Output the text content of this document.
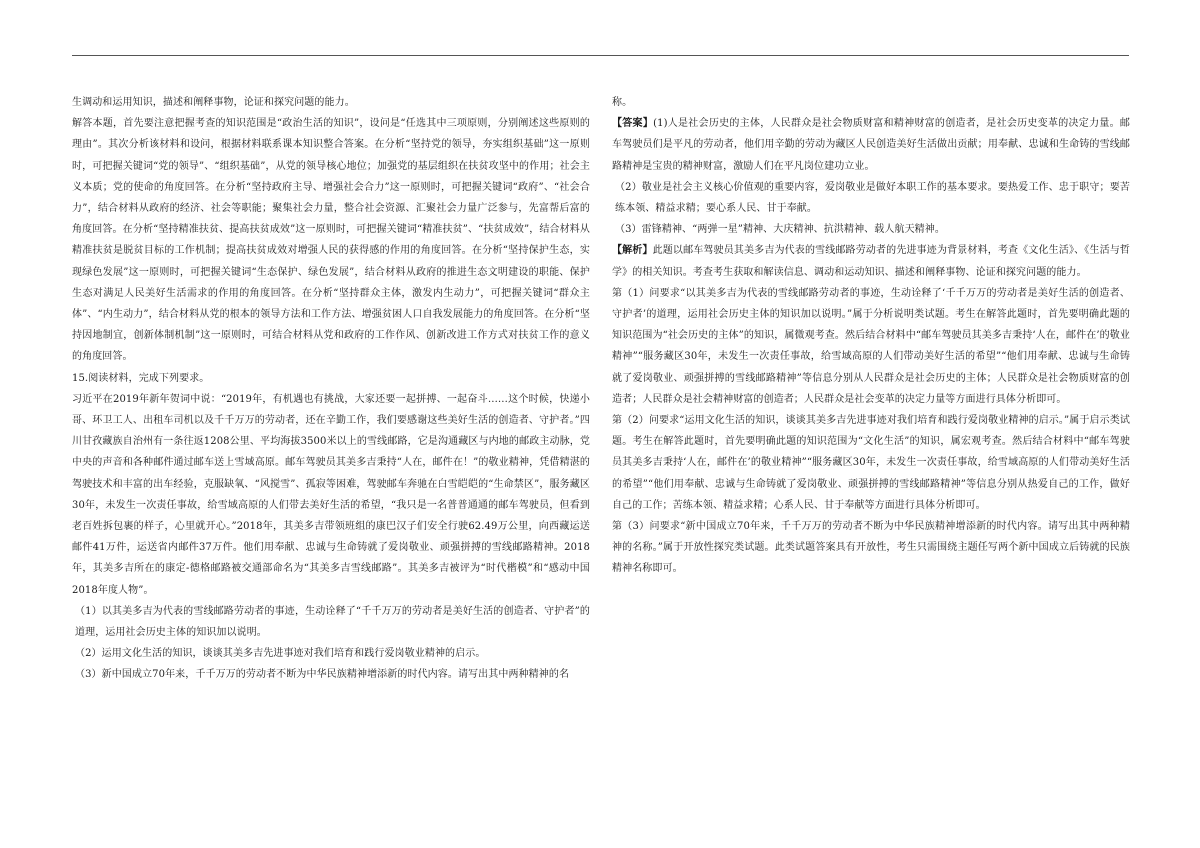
生调动和运用知识，描述和阐释事物，论证和探究问题的能力。

解答本题，首先要注意把握考查的知识范围是“政治生活的知识”，设问是“任选其中三项原则，分别阐述这些原则的理由”。其次分析该材料和设问，根据材料联系课本知识整合答案。在分析“坚持党的领导，夯实组织基础”这一原则时，可把握关键词“党的领导”、“组织基础”，从党的领导核心地位；加强党的基层组织在扶贫攻坚中的作用；社会主义本质；党的使命的角度回答。在分析“坚持政府主导、增强社会合力”这一原则时，可把握关键词“政府”、“社会合力”，结合材料从政府的经济、社会等职能；聚集社会力量，整合社会资源、汇聚社会力量广泛参与，先富帮后富的角度回答。在分析“坚持精准扶贫、提高扶贫成效”这一原则时，可把握关键词“精准扶贫”、“扶贫成效”，结合材料从精准扶贫是脱贫目标的工作机制；提高扶贫成效对增强人民的获得感的作用的角度回答。在分析“坚持保护生态，实现绿色发展”这一原则时，可把握关键词“生态保护、绿色发展”，结合材料从政府的推进生态文明建设的职能、保护生态对满足人民美好生活需求的作用的角度回答。在分析“坚持群众主体，激发内生动力”，可把握关键词“群众主体”、“内生动力”，结合材料从党的根本的领导方法和工作方法、增强贫困人口自我发展能力的角度回答。在分析“坚持因地制宜，创新体制机制”这一原则时，可结合材料从党和政府的工作作风、创新改进工作方式对扶贫工作的意义的角度回答。

15.阅读材料，完成下列要求。

习近平在2019年新年贺词中说：“2019年，有机遇也有挑战，大家还要一起拼搏、一起奋斗……这个时候，快递小哥、环卫工人、出租车司机以及千千万万的劳动者，还在辛勤工作，我们要感谢这些美好生活的创造者、守护者。”四川甘孜藏族自治州有一条往返1208公里、平均海拔3500米以上的雪线邮路，它是沟通藏区与内地的邮政主动脉，党中央的声音和各种邮件通过邮车送上雪域高原。邮车驾驶员其美多吉秉持“人在，邮件在！”的敬业精神，凭借精湛的驾驶技术和丰富的出车经验，克服缺氧、“风搅雪”、孤寂等困难，驾驶邮车奔驰在白雪皑皑的“生命禁区”，服务藏区30年，未发生一次责任事故，给雪域高原的人们带去美好生活的希望，“我只是一名普普通通的邮车驾驶员，但看到老百姓拆包裹的样子，心里就开心。”2018年，其美多吉带领班组的康巴汉子们安全行驶62.49万公里，向西藏运送邮件41万件，运送省内邮件37万件。他们用奉献、忠诚与生命铸就了爱岗敬业、顽强拼搏的雪线邮路精神。2018年，其美多吉所在的康定-德格邮路被交通部命名为“其美多吉雪线邮路”。其美多吉被评为“时代楷模”和“感动中国2018年度人物”。

（1）以其美多吉为代表的雪线邮路劳动者的事迹，生动诠释了“千千万万的劳动者是美好生活的创造者、守护者”的道理，运用社会历史主体的知识加以说明。

（2）运用文化生活的知识，谈谈其美多吉先进事迹对我们培育和践行爱岗敬业精神的启示。

（3）新中国成立70年来，千千万万的劳动者不断为中华民族精神增添新的时代内容。请写出其中两种精神的名

称。

【答案】(1)人是社会历史的主体，人民群众是社会物质财富和精神财富的创造者，是社会历史变革的决定力量。邮车驾驶员们是平凡的劳动者，他们用辛勤的劳动为藏区人民创造美好生活做出贡献；用奉献、忠诚和生命铸的雪线邮路精神是宝贵的精神财富，激励人们在平凡岗位建功立业。

（2）敬业是社会主义核心价值观的重要内容，爱岗敬业是做好本职工作的基本要求。要热爱工作、忠于职守；要苦练本领、精益求精；要心系人民、甘于奉献。

（3）雷锋精神、“两弹一星”精神、大庆精神、抗洪精神、载人航天精神。

【解析】此题以邮车驾驶员其美多吉为代表的雪线邮路劳动者的先进事迹为背景材料，考查《文化生活》、《生活与哲学》的相关知识。考查考生获取和解读信息、调动和运动知识、描述和阐释事物、论证和探究问题的能力。

第（1）问要求“以其美多吉为代表的雪线邮路劳动者的事迹，生动诠释了‘千千万万的劳动者是美好生活的创造者、守护者’的道理，运用社会历史主体的知识加以说明。”属于分析说明类试题。考生在解答此题时，首先要明确此题的知识范围为“社会历史的主体”的知识，属微观考查。然后结合材料中“邮车驾驶员其美多吉秉持‘人在，邮件在’的敬业精神”“服务藏区30年，未发生一次责任事故，给雪域高原的人们带动美好生活的希望”“他们用奉献、忠诚与生命铸就了爱岗敬业、顽强拼搏的雪线邮路精神”等信息分别从人民群众是社会历史的主体；人民群众是社会物质财富的创造者；人民群众是社会精神财富的创造者；人民群众是社会变革的决定力量等方面进行具体分析即可。

第（2）问要求“运用文化生活的知识，谈谈其美多吉先进事迹对我们培育和践行爱岗敬业精神的启示。”属于启示类试题。考生在解答此题时，首先要明确此题的知识范围为“文化生活”的知识，属宏观考查。然后结合材料中“邮车驾驶员其美多吉秉持‘人在，邮件在’的敬业精神”“服务藏区30年，未发生一次责任事故，给雪域高原的人们带动美好生活的希望”“他们用奉献、忠诚与生命铸就了爱岗敬业、顽强拼搏的雪线邮路精神”等信息分别从热爱自己的工作，做好自己的工作；苦练本领、精益求精；心系人民、甘于奉献等方面进行具体分析即可。

第（3）问要求“新中国成立70年来，千千万万的劳动者不断为中华民族精神增添新的时代内容。请写出其中两种精神的名称。”属于开放性探究类试题。此类试题答案具有开放性，考生只需围绕主题任写两个新中国成立后铸就的民族精神名称即可。
